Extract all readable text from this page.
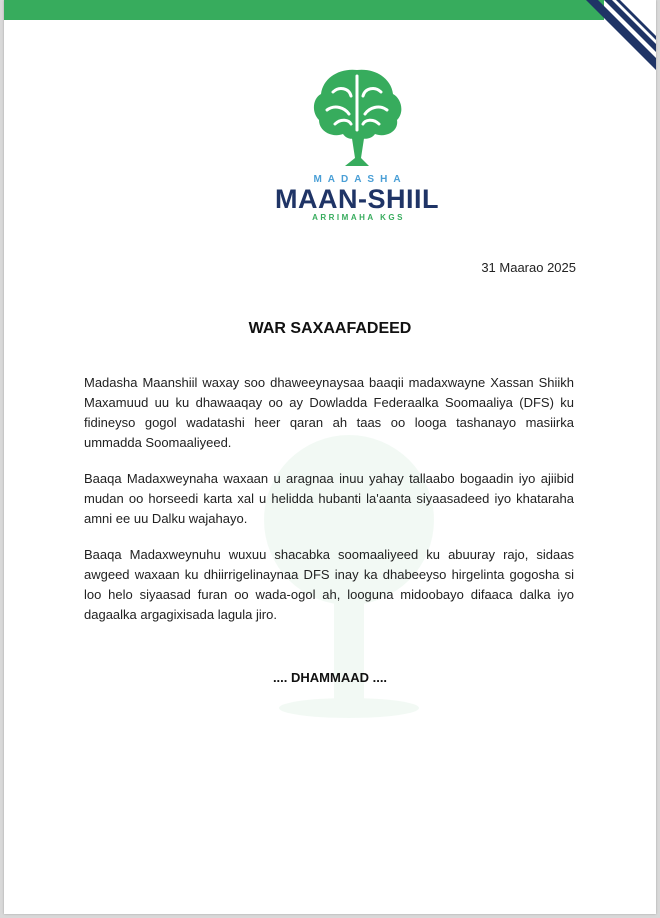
MADASHA
MAAN-SHIIL
ARRIMAHA KGS
31 Maarao 2025
WAR SAXAAFADEED

Madasha Maanshiil waxay soo dhaweeynaysaa baaqii madaxwayne Xassan Shiikh Maxamuud uu ku dhawaaqay oo ay Dowladda Federaalka Soomaaliya (DFS) ku fidineyso gogol wadatashi heer qaran ah taas oo looga tashanayo masiirka ummadda Soomaaliyeed.

Baaqa Madaxweynaha waxaan u aragnaa inuu yahay tallaabo bogaadin iyo ajiibid mudan oo horseedi karta xal u helidda hubanti la'aanta siyaasadeed iyo khataraha amni ee uu Dalku wajahayo.

Baaqa Madaxweynuhu wuxuu shacabka soomaaliyeed ku abuuray rajo, sidaas awgeed waxaan ku dhiirrigelinaynaa DFS inay ka dhabeeyso hirgelinta gogosha si loo helo siyaasad furan oo wada-ogol ah, looguna midoobayo difaaca dalka iyo dagaalka argagixisada lagula jiro.

.... DHAMMAAD ....
